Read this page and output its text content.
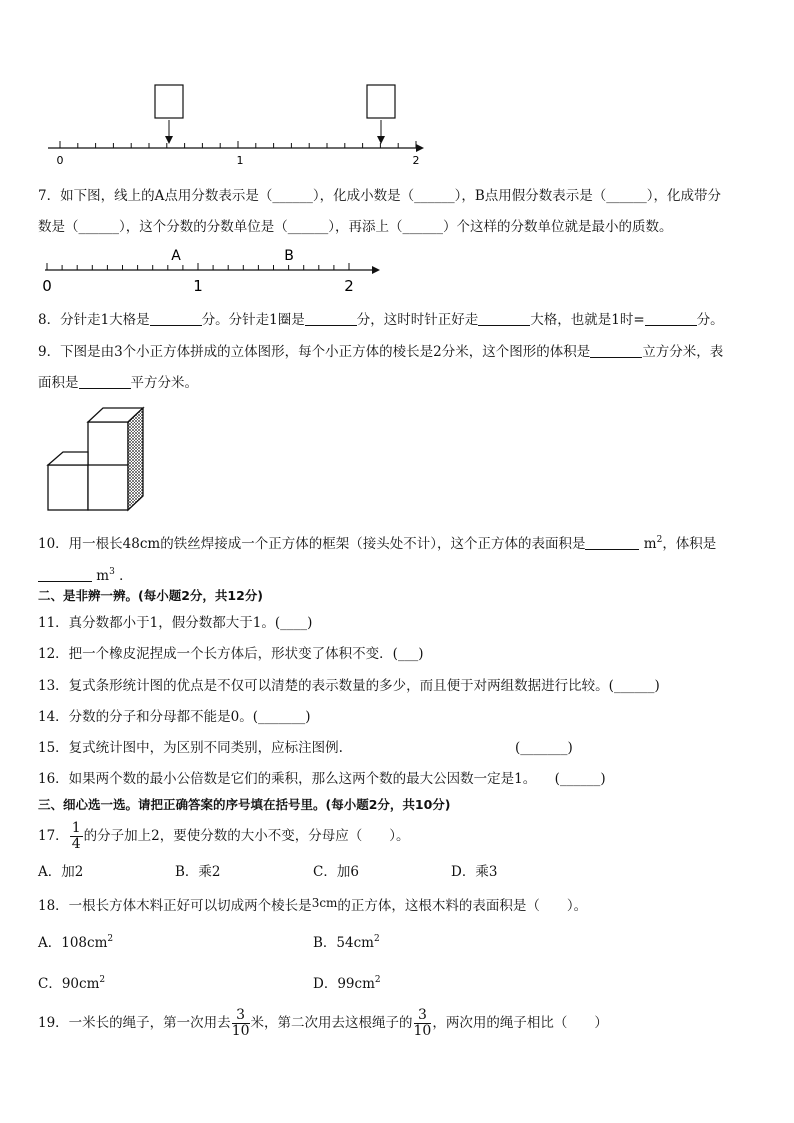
0	1	2
7．如下图，线上的A点用分数表示是（______），化成小数是（______），B点用假分数表示是（______），化成带分
数是（______），这个分数的分数单位是（______），再添上（______）个这样的分数单位就是最小的质数。
A	B
0	1	2
8．分针走1大格是	分。分针走1圈是	分，这时时针正好走	大格，也就是1时=	分。
9．下图是由3个小正方体拼成的立体图形，每个小正方体的棱长是2分米，这个图形的体积是	立方分米，表
面积是	平方分米。
10．用一根长48cm的铁丝焊接成一个正方体的框架（接头处不计），这个正方体的表面积是	$m^2$，体积是
$m^3$ ．
二、是非辨一辨。(每小题2分，共12分)
11．真分数都小于1，假分数都大于1。(____)
12．把一个橡皮泥捏成一个长方体后，形状变了体积不变．(___)
13．复式条形统计图的优点是不仅可以清楚的表示数量的多少，而且便于对两组数据进行比较。(______)
14．分数的分子和分母都不能是0。(_______)
15．复式统计图中，为区别不同类别，应标注图例.	(_______)
16．如果两个数的最小公倍数是它们的乘积，那么这两个数的最大公因数一定是1。 (______)
三、细心选一选。请把正确答案的序号填在括号里。(每小题2分，共10分)
17． $\frac{1}{4}$ 的分子加上2，要使分数的大小不变，分母应（　　）。
A．加2	B．乘2	C．加6	D．乘3
18．一根长方体木料正好可以切成两个棱长是3cm的正方体，这根木料的表面积是（　　）。
A．$108cm^2$	B．$54cm^2$
C．$90cm^2$	D．$99cm^2$
19．一米长的绳子，第一次用去 $\frac{3}{10}$ 米，第二次用去这根绳子的 $\frac{3}{10}$ ，两次用的绳子相比（　　）
